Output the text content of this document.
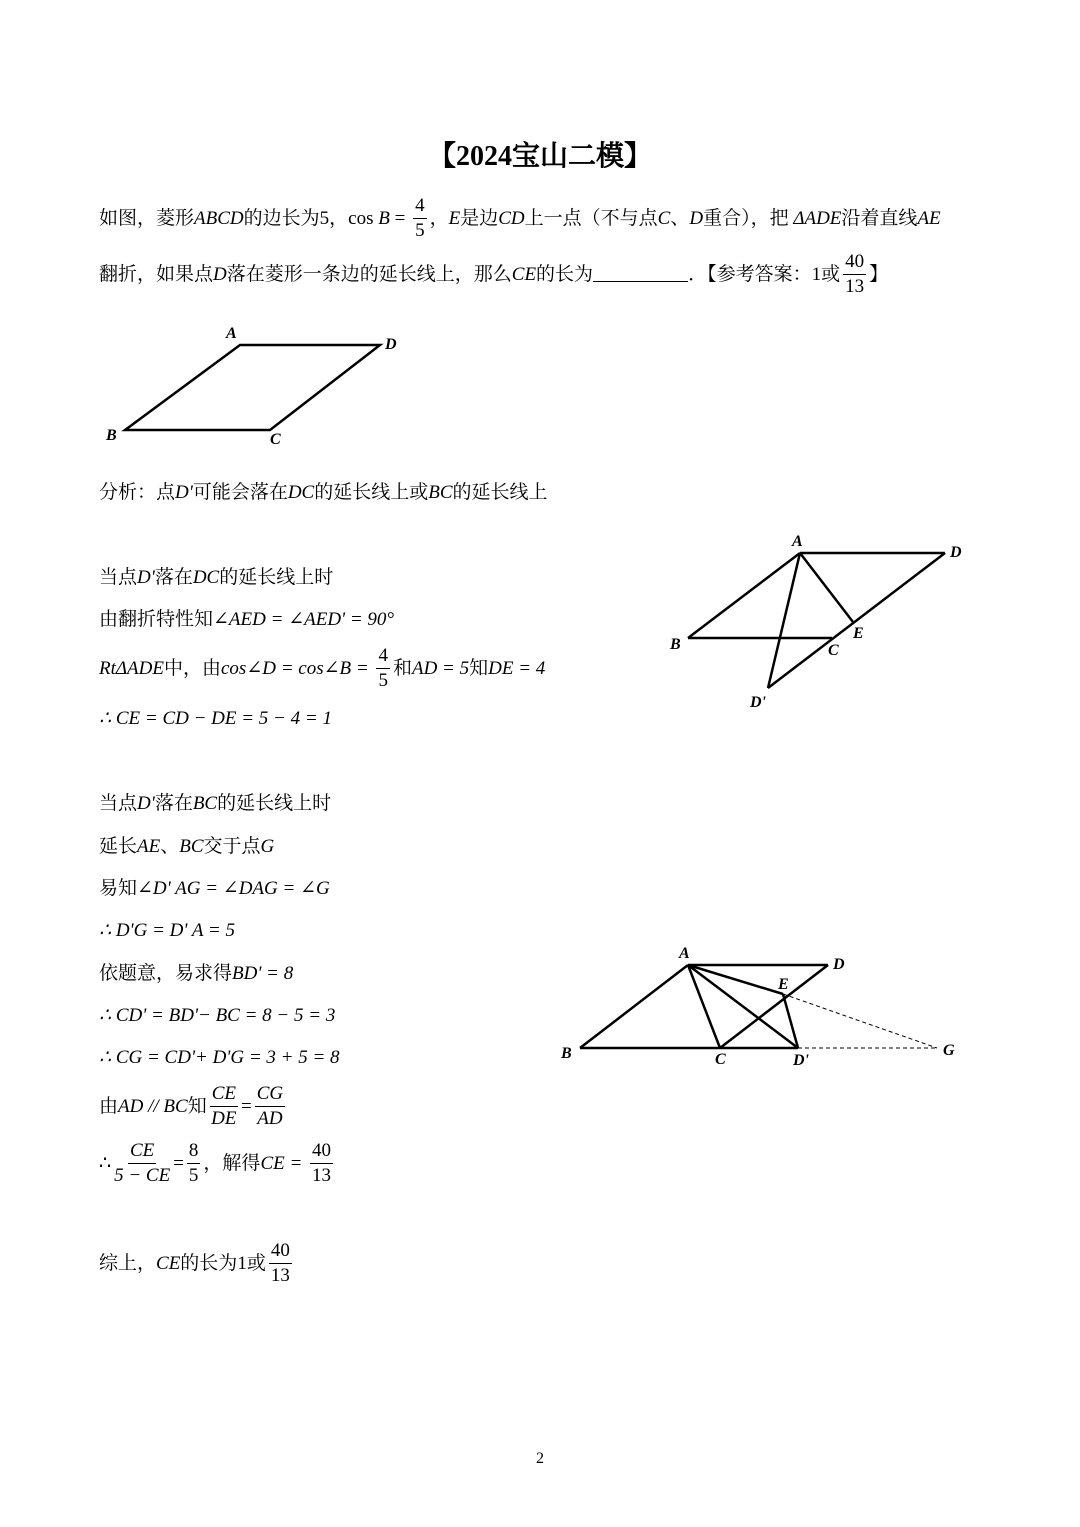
【2024宝山二模】
如图，菱形 ABCD 的边长为 5 ， cos
$B = \frac{4}{5}$ ， E 是边 CD 上一点（不与点 C 、 D 重合），把 ΔADE 沿着直线 AE
翻折，如果点 D 落在菱形一条边的延长线上，那么 CE 的长为	．【参考答案： 1 或 $\frac{40}{13}$ 】
A
D
B	C
分析：点D'可能会落在DC的延长线上或BC的延长线上
当点D'落在DC的延长线上时
由翻折特性知∠AED = ∠AED' = 90°
RtΔADE 中，由 cos∠D = cos∠B = $\frac{4}{5}$ 和 AD = 5 知 DE = 4
∴ CE = CD − DE = 5 − 4 = 1
A
D
B	C
E
D'
当点D'落在BC的延长线上时
延长AE、BC交于点G
易知∠D' AG = ∠DAG = ∠G
∴ D'G = D' A = 5
依题意，易求得BD' = 8
∴ CD' = BD'− BC = 8 − 5 = 3
∴ CG = CD'+ D'G = 3 + 5 = 8
由 AD // BC 知 $\frac{CE}{DE} = \frac{CG}{AD}$
∴ $\frac{CE}{5 - CE} = \frac{8}{5}$ ，解得 CE = $\frac{40}{13}$
A
D
E
B	C	D'
G
综上， CE 的长为 1 或 $\frac{40}{13}$
2
